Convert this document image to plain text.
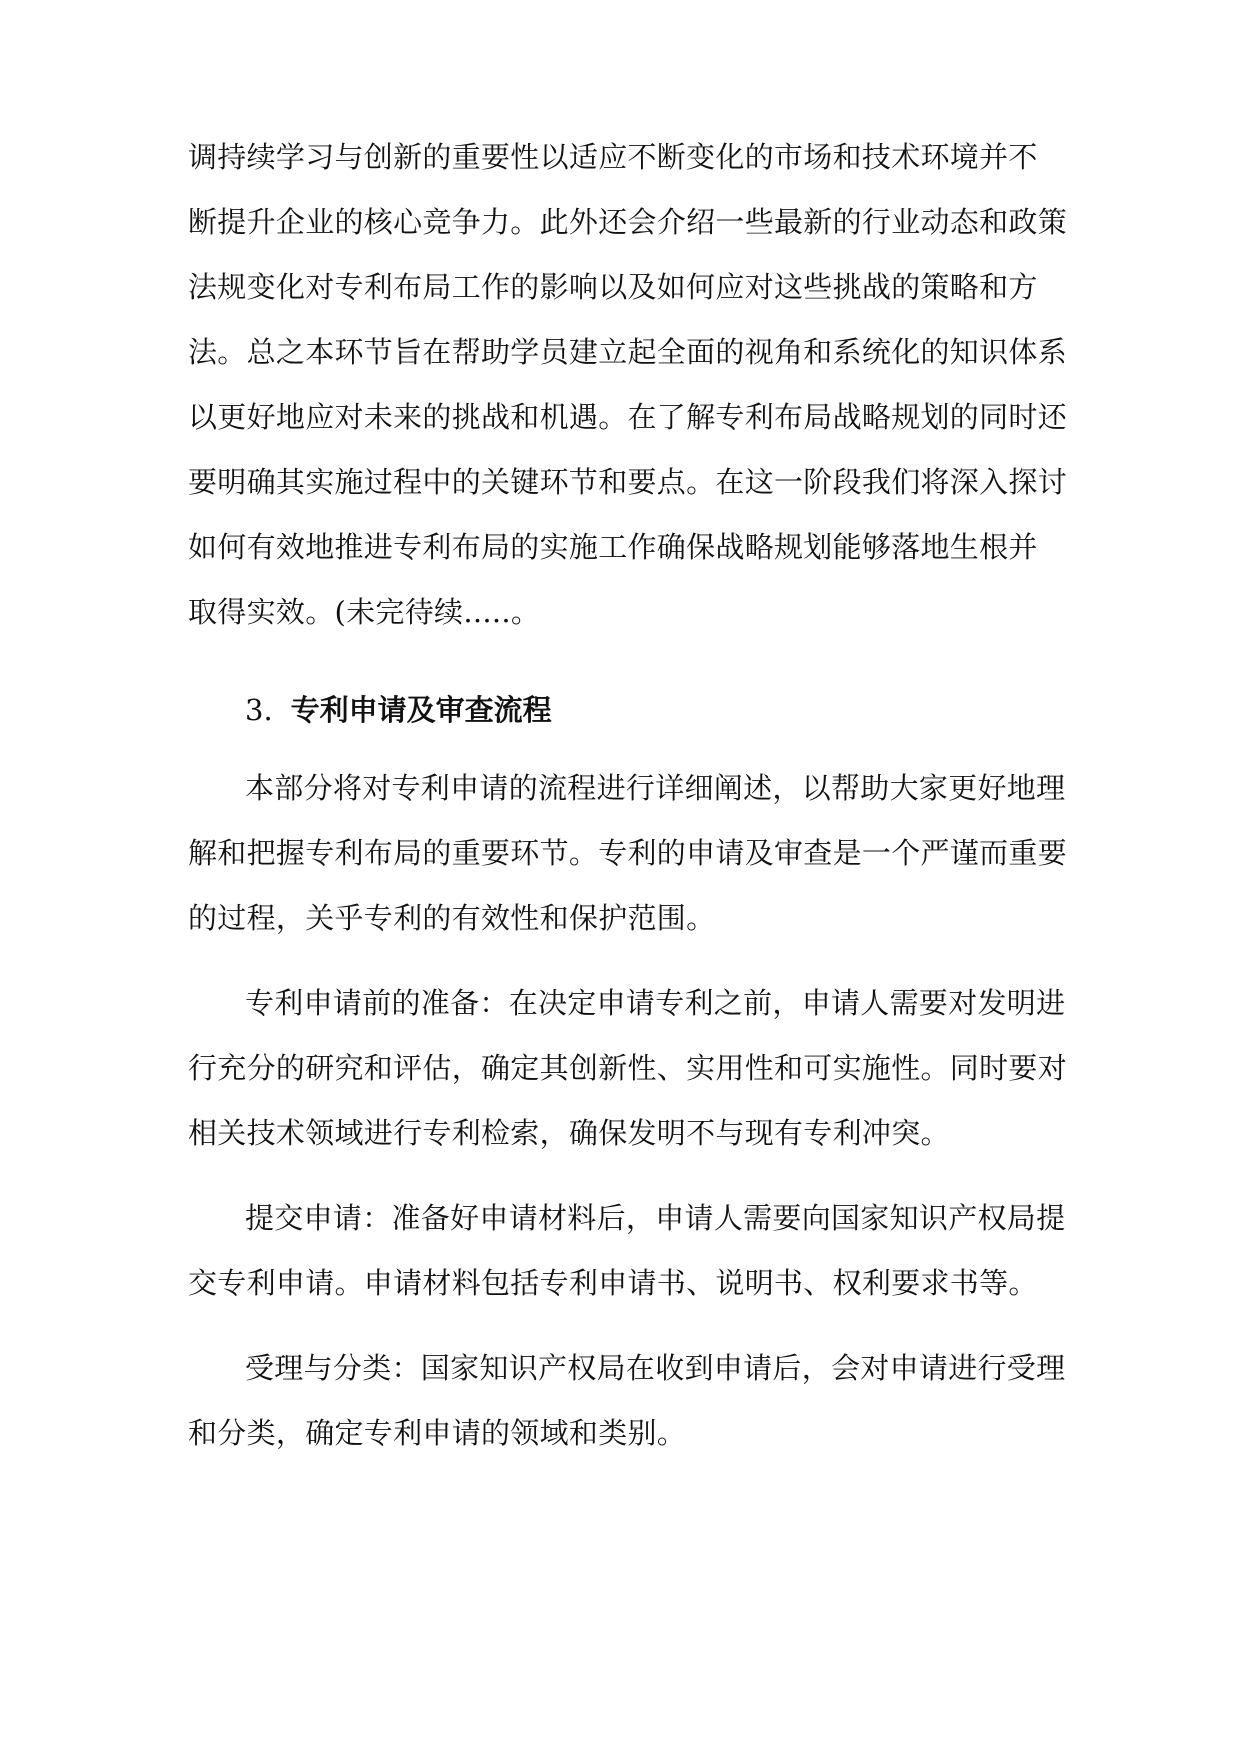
调持续学习与创新的重要性以适应不断变化的市场和技术环境并不
断提升企业的核心竞争力。此外还会介绍一些最新的行业动态和政策
法规变化对专利布局工作的影响以及如何应对这些挑战的策略和方
法。总之本环节旨在帮助学员建立起全面的视角和系统化的知识体系
以更好地应对未来的挑战和机遇。在了解专利布局战略规划的同时还
要明确其实施过程中的关键环节和要点。在这一阶段我们将深入探讨
如何有效地推进专利布局的实施工作确保战略规划能够落地生根并
取得实效。(未完待续.....。
3. 专利申请及审查流程
本部分将对专利申请的流程进行详细阐述，以帮助大家更好地理
解和把握专利布局的重要环节。专利的申请及审查是一个严谨而重要
的过程，关乎专利的有效性和保护范围。
专利申请前的准备：在决定申请专利之前，申请人需要对发明进
行充分的研究和评估，确定其创新性、实用性和可实施性。同时要对
相关技术领域进行专利检索，确保发明不与现有专利冲突。
提交申请：准备好申请材料后，申请人需要向国家知识产权局提
交专利申请。申请材料包括专利申请书、说明书、权利要求书等。
受理与分类：国家知识产权局在收到申请后，会对申请进行受理
和分类，确定专利申请的领域和类别。
